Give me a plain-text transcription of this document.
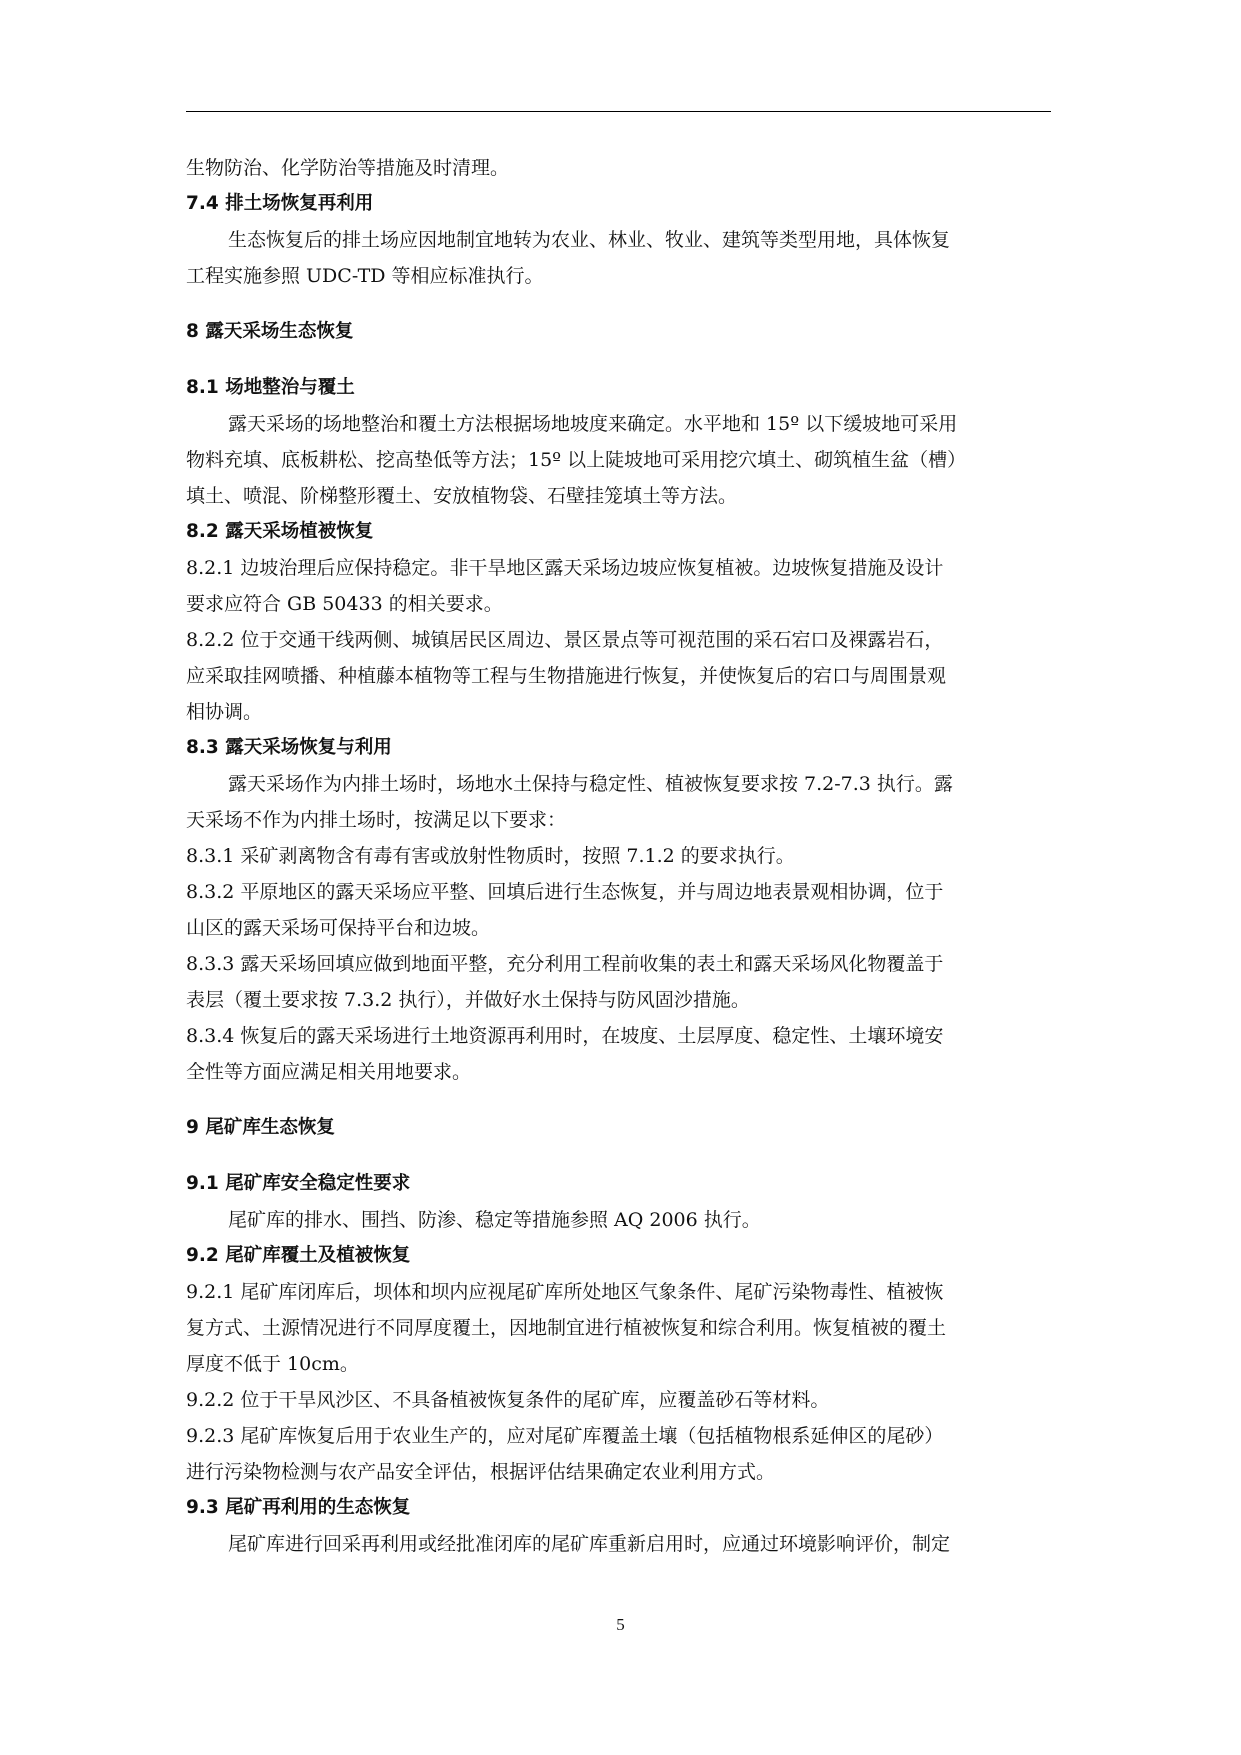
生物防治、化学防治等措施及时清理。
7.4 排土场恢复再利用
生态恢复后的排土场应因地制宜地转为农业、林业、牧业、建筑等类型用地，具体恢复
工程实施参照 UDC-TD 等相应标准执行。
8 露天采场生态恢复
8.1 场地整治与覆土
露天采场的场地整治和覆土方法根据场地坡度来确定。水平地和 15º 以下缓坡地可采用
物料充填、底板耕松、挖高垫低等方法；15º 以上陡坡地可采用挖穴填土、砌筑植生盆（槽）
填土、喷混、阶梯整形覆土、安放植物袋、石壁挂笼填土等方法。
8.2 露天采场植被恢复
8.2.1 边坡治理后应保持稳定。非干旱地区露天采场边坡应恢复植被。边坡恢复措施及设计
要求应符合 GB 50433 的相关要求。
8.2.2 位于交通干线两侧、城镇居民区周边、景区景点等可视范围的采石宕口及裸露岩石，
应采取挂网喷播、种植藤本植物等工程与生物措施进行恢复，并使恢复后的宕口与周围景观
相协调。
8.3 露天采场恢复与利用
露天采场作为内排土场时，场地水土保持与稳定性、植被恢复要求按 7.2-7.3 执行。露
天采场不作为内排土场时，按满足以下要求：
8.3.1 采矿剥离物含有毒有害或放射性物质时，按照 7.1.2 的要求执行。
8.3.2 平原地区的露天采场应平整、回填后进行生态恢复，并与周边地表景观相协调，位于
山区的露天采场可保持平台和边坡。
8.3.3 露天采场回填应做到地面平整，充分利用工程前收集的表土和露天采场风化物覆盖于
表层（覆土要求按 7.3.2 执行），并做好水土保持与防风固沙措施。
8.3.4 恢复后的露天采场进行土地资源再利用时，在坡度、土层厚度、稳定性、土壤环境安
全性等方面应满足相关用地要求。
9 尾矿库生态恢复
9.1 尾矿库安全稳定性要求
尾矿库的排水、围挡、防渗、稳定等措施参照 AQ 2006 执行。
9.2 尾矿库覆土及植被恢复
9.2.1 尾矿库闭库后，坝体和坝内应视尾矿库所处地区气象条件、尾矿污染物毒性、植被恢
复方式、土源情况进行不同厚度覆土，因地制宜进行植被恢复和综合利用。恢复植被的覆土
厚度不低于 10cm。
9.2.2 位于干旱风沙区、不具备植被恢复条件的尾矿库，应覆盖砂石等材料。
9.2.3 尾矿库恢复后用于农业生产的，应对尾矿库覆盖土壤（包括植物根系延伸区的尾砂）
进行污染物检测与农产品安全评估，根据评估结果确定农业利用方式。
9.3 尾矿再利用的生态恢复
尾矿库进行回采再利用或经批准闭库的尾矿库重新启用时，应通过环境影响评价，制定
5
